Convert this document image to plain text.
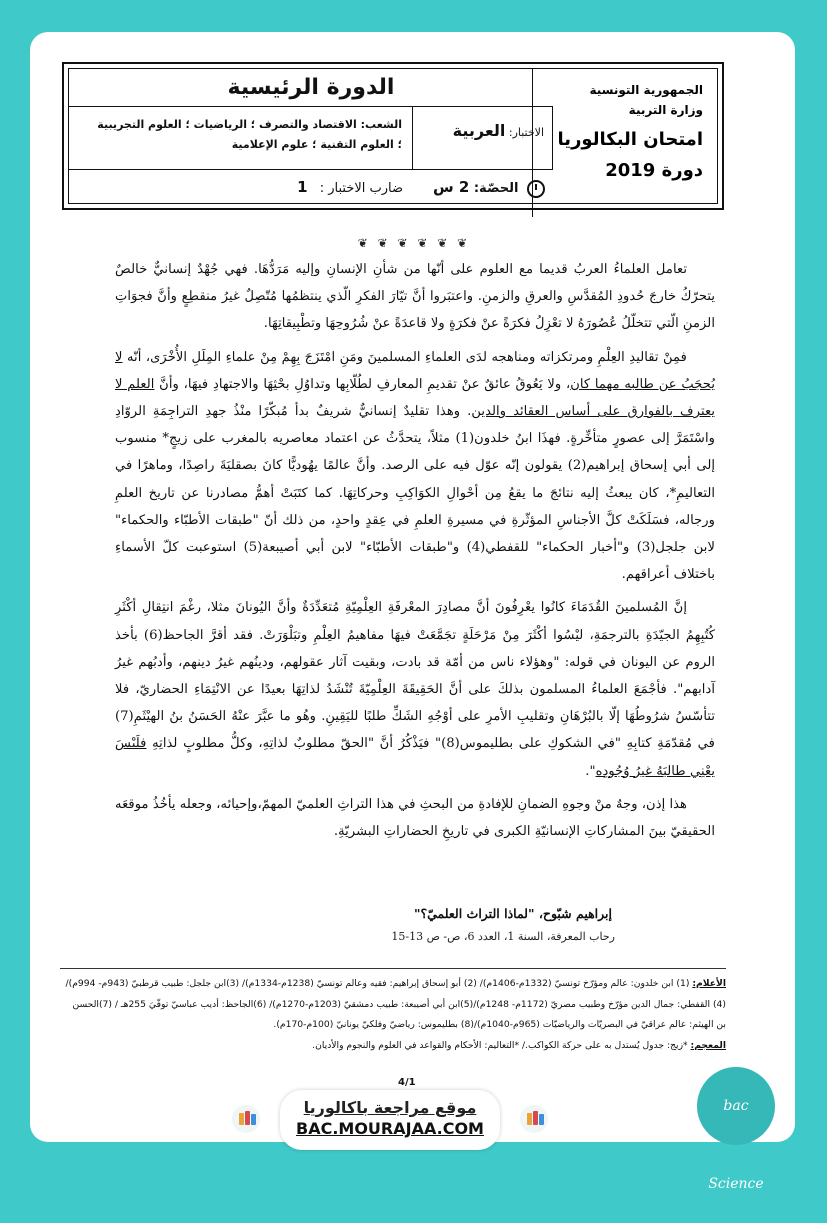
الجمهورية التونسية
وزارة التربية
امتحان البكالوريا
دورة 2019
الدورة الرئيسية
الاختبار: العربية
الشعب: الاقتصاد والتصرف ؛ الرياضيات ؛ العلوم التجريبية
؛ العلوم التقنية ؛ علوم الإعلامية
الحصّة: 2 س
ضارب الاختبار : 1
❦ ❦ ❦ ❦ ❦ ❦

تعامل العلماءُ العربُ قديما مع العلوم على أنّها من شأنِ الإنسانِ وإليه مَرَدُّهَا. فهي جُهْدٌ إنسانيٌّ خالصٌ يتحرّكُ خارجَ حُدودِ المُقدَّسِ والعرقِ والزمنِ. واعتبَروا أنَّ تيّارَ الفكرِ الّذي ينتظمُها مُتّصِلٌ غيرُ منقطِعٍ وأنَّ فجوَاتِ الزمنِ الّتي تتخلّلُ عُصُورَهُ لا تعْزِلُ فكرَةً عنْ فكرَةٍ ولا قاعدَةً عنْ شُرُوحِهَا وتطْبِيقاتِهَا.

فمِنْ تقاليدِ العِلْمِ ومرتكزاته ومناهجه لدَى العلماءِ المسلمينَ ومَنِ امْتَزَجَ بِهِمْ مِنْ علماءِ المِلَلِ الأُخْرَى، أنّه لا يُحجَبُ عن طالبه مهما كان، ولا يَعُوقُ عائقٌ عنْ تقديمِ المعارفِ لطُلّابِها وتداوُلِ بحْثِهَا والاجتهادِ فيهَا، وأنَّ العلم لا يعترف بالفوارق على أساس العقائد والدين. وهذا تقليدٌ إنسانيٌّ شريفٌ بدأ مُبكّرًا منْذُ جهدِ التراجِمَةِ الروّادِ واسْتَمَرَّ إلى عصورٍ متأخِّرةٍ. فهذَا ابنُ خلدون(1) مثلاً، يتحدَّثُ عن اعتماد معاصريه بالمغرب على زيجٍ* منسوب إلى أبي إسحاق إبراهيم(2) يقولون إنّه عوّل فيه على الرصد. وأنَّ عالمًا يهُوديًّا كانَ بصقليَةَ راصِدًا، وماهرًا في التعاليمِ*، كان يبعثُ إليه نتائجَ ما يقعُ مِن أحْوالِ الكوَاكِبِ وحركاتِهَا. كما كتَبَتْ أهمُّ مصادرنا عن تاريخ العلمِ ورجاله، فسَلَكَتْ كلَّ الأجناسِ المؤثّرةِ في مسيرةِ العلمِ في عِقدٍ واحدٍ، من ذلك أنّ "طبقات الأطبّاء والحكماء" لابن جلجل(3) و"أخبار الحكماء" للقفطي(4) و"طبقات الأطبّاء" لابن أبي أصيبعة(5) استوعبت كلّ الأسماءِ باختلاف أعراقهم.

إنَّ المُسلمينَ القُدَمَاءَ كانُوا يعْرِفُونَ أنَّ مصادِرَ المعْرفَةِ العِلْمِيّةِ مُتعَدِّدَةٌ وأنَّ اليُونانَ مثلا، رغْمَ انتِقالِ أكْثَرِ كُتُبِهِمُ الجيّدَةِ بالترجمَةِ، ليْسُوا أكْثَرَ مِنْ مَرْحَلَةٍ تجَمَّعَتْ فيهَا مفاهيمُ العِلْمِ وتبَلْوَرَتْ. فقد أقرَّ الجاحظ(6) بأخذ الروم عن اليونان في قوله: "وهؤلاء ناس من أمّة قد بادت، وبقيت آثار عقولهم، ودينُهم غيرُ دينهم، وأدبُهم غيرُ آدابهم". فأجْمَعَ العلماءُ المسلمون بذلكَ على أنَّ الحَقِيقَةَ العِلْمِيّةَ تُنْشَدُ لذاتِهَا بعيدًا عن الانْتِمَاءِ الحضاريّ، فلا تتأسّسُ شرُوطُهَا إلّا بالبُرْهَانِ وتقليبِ الأمرِ على أوْجُهِ الشَكِّ طلبًا لليَقِينِ. وهُو ما عبَّرَ عنْهُ الحَسَنُ بنُ الهيْثَمِ(7) في مُقدّمَةِ كتابِهِ "في الشكوكِ على بطليموس(8)" فيَذْكُرُ أنَّ "الحقّ مطلوبٌ لذاتِهِ، وكلُّ مطلوبٍ لذاتِهِ فلَيْسَ يعْنِي طالبَهُ غيرُ وُجُودِه".

هذا إذن، وجهٌ منْ وجوهِ الضمانِ للإفادةِ من البحثِ في هذا التراثِ العلميّ المهمّ،وإحيائه، وجعله يأخُذُ موقعَه الحقيقيّ بينَ المشاركاتِ الإنسانيّةِ الكبرى في تاريخِ الحضاراتِ البشريّةِ.

إبراهيم شبّوح، "لماذا التراث العلميّ؟"
رحاب المعرفة، السنة 1، العدد 6، ص- ص 13-15
الأعلام: (1) ابن خلدون: عالم ومؤرّخ تونسيّ (1332م-1406م)/ (2) أبو إسحاق إبراهيم: فقيه وعالم تونسيّ (1238م-1334م)/ (3)ابن جلجل: طبيب قرطبيّ (943م- 994م)/ (4) القفطي: جمال الدين مؤرّخ وطبيب مصريّ (1172م- 1248م)/(5)ابن أبي أصيبعة: طبيب دمشقيّ (1203م-1270م)/ (6)الجاحظ: أديب عباسيّ توفّيَ 255هـ / (7)الحسن بن الهيثم: عالم عراقيّ في البصريّات والرياضيّات (965م-1040م)/(8) بطليموس: رياضيّ وفلكيّ يونانيّ (100م-170م).
المعجم: *زيج: جدول يُستدل به على حركة الكواكب./ *التعاليم: الأحكام والقواعد في العلوم والنجوم والأديان.
4/1
موقع مراجعة باكالوريا
BAC.MOURAJAA.COM
bac Science
